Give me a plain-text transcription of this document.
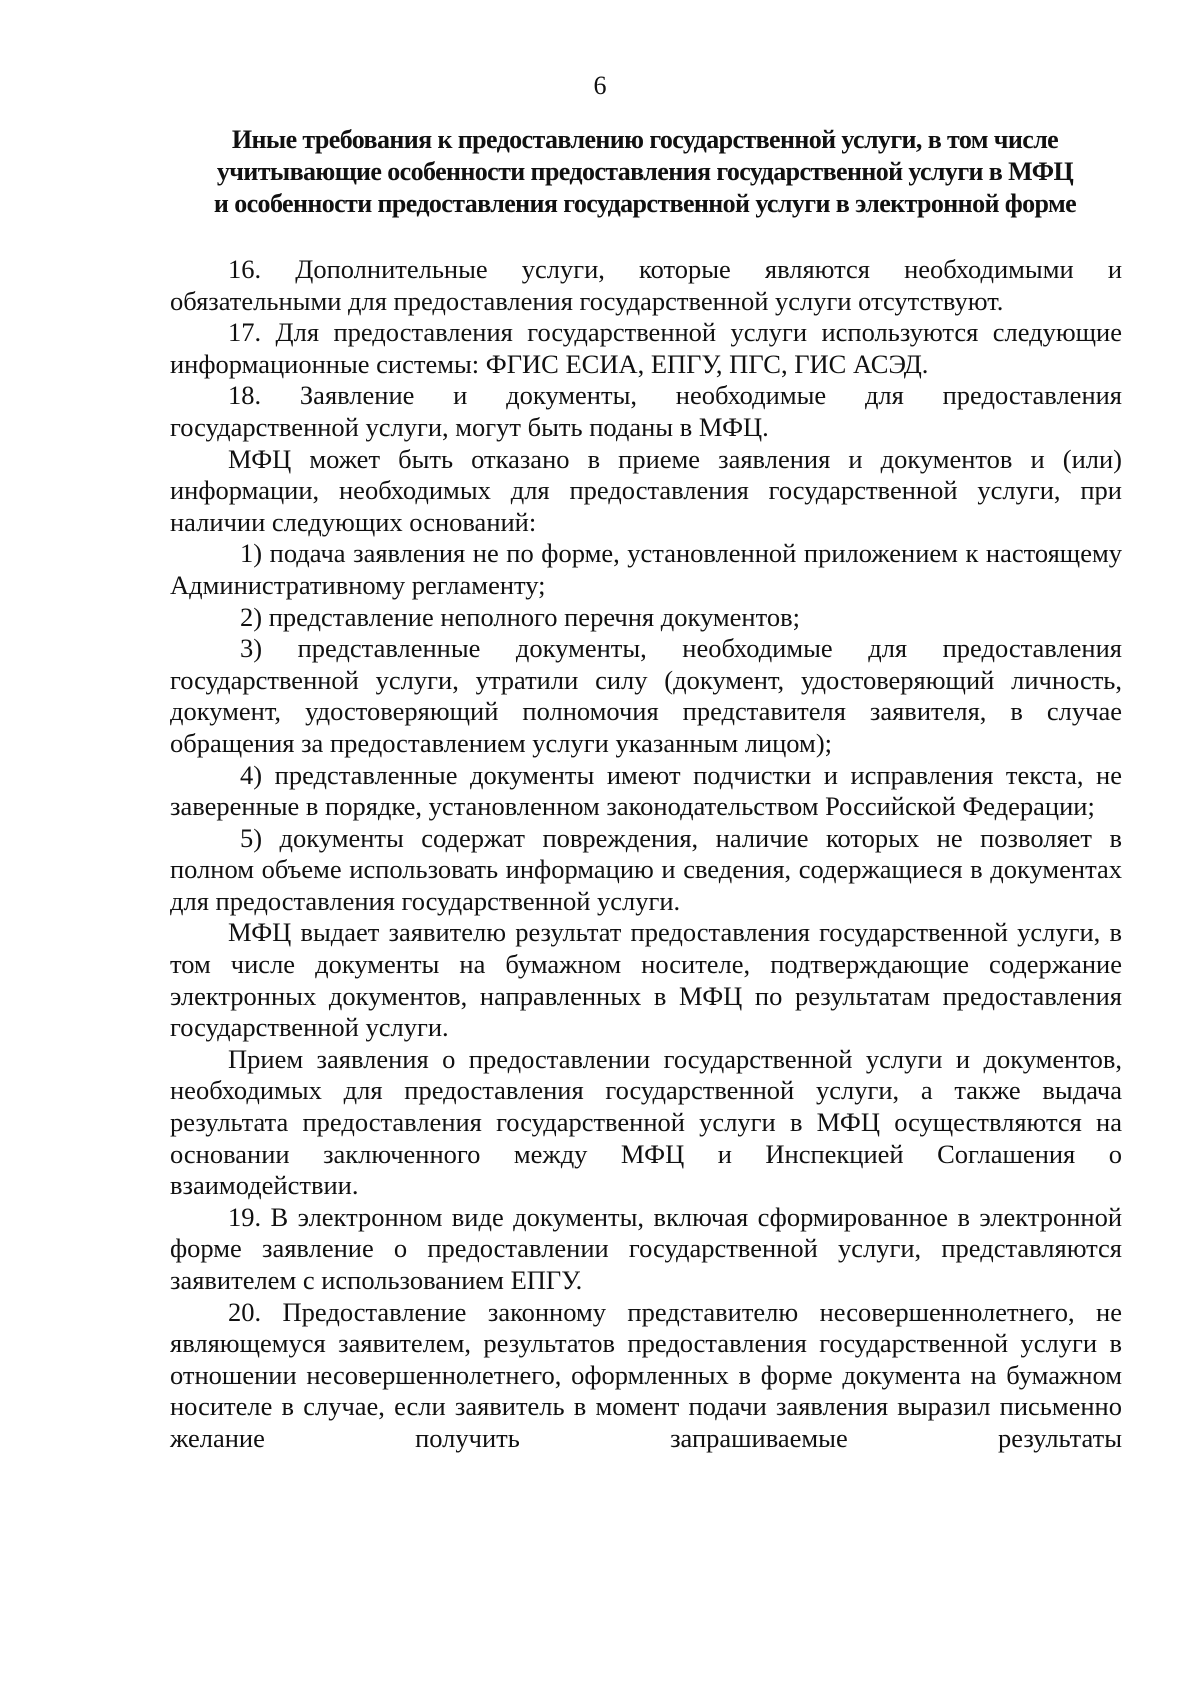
6
Иные требования к предоставлению государственной услуги, в том числе
учитывающие особенности предоставления государственной услуги в МФЦ
и особенности предоставления государственной услуги в электронной форме

16. Дополнительные услуги, которые являются необходимыми и обязательными для предоставления государственной услуги отсутствуют.

17. Для предоставления государственной услуги используются следующие информационные системы: ФГИС ЕСИА, ЕПГУ, ПГС, ГИС АСЭД.

18. Заявление и документы, необходимые для предоставления государственной услуги, могут быть поданы в МФЦ.

МФЦ может быть отказано в приеме заявления и документов и (или) информации, необходимых для предоставления государственной услуги, при наличии следующих оснований:

1) подача заявления не по форме, установленной приложением к настоящему Административному регламенту;

2) представление неполного перечня документов;

3) представленные документы, необходимые для предоставления государственной услуги, утратили силу (документ, удостоверяющий личность, документ, удостоверяющий полномочия представителя заявителя, в случае обращения за предоставлением услуги указанным лицом);

4) представленные документы имеют подчистки и исправления текста, не заверенные в порядке, установленном законодательством Российской Федерации;

5) документы содержат повреждения, наличие которых не позволяет в полном объеме использовать информацию и сведения, содержащиеся в документах для предоставления государственной услуги.

МФЦ выдает заявителю результат предоставления государственной услуги, в том числе документы на бумажном носителе, подтверждающие содержание электронных документов, направленных в МФЦ по результатам предоставления государственной услуги.

Прием заявления о предоставлении государственной услуги и документов, необходимых для предоставления государственной услуги, а также выдача результата предоставления государственной услуги в МФЦ осуществляются на основании заключенного между МФЦ и Инспекцией Соглашения о взаимодействии.

19. В электронном виде документы, включая сформированное в электронной форме заявление о предоставлении государственной услуги, представляются заявителем с использованием ЕПГУ.

20. Предоставление законному представителю несовершеннолетнего, не являющемуся заявителем, результатов предоставления государственной услуги в отношении несовершеннолетнего, оформленных в форме документа на бумажном носителе в случае, если заявитель в момент подачи заявления выразил письменно желание получить запрашиваемые результаты
